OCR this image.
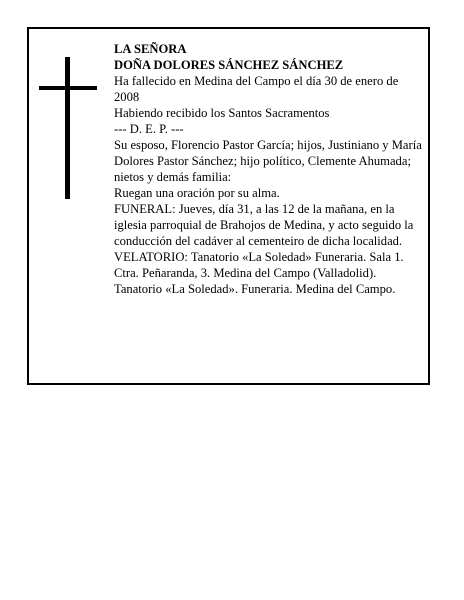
LA SEÑORA

DOÑA DOLORES SÁNCHEZ SÁNCHEZ

Ha fallecido en Medina del Campo el día 30 de enero de 2008

Habiendo recibido los Santos Sacramentos

--- D. E. P. ---

Su esposo, Florencio Pastor García; hijos, Justiniano y María Dolores Pastor Sánchez; hijo político, Clemente Ahumada; nietos y demás familia:

Ruegan una oración por su alma.

FUNERAL: Jueves, día 31, a las 12 de la mañana, en la iglesia parroquial de Brahojos de Medina, y acto seguido la conducción del cadáver al cementeiro de dicha localidad.

VELATORIO: Tanatorio «La Soledad» Funeraria. Sala 1. Ctra. Peñaranda, 3. Medina del Campo (Valladolid).

Tanatorio «La Soledad». Funeraria. Medina del Campo.
